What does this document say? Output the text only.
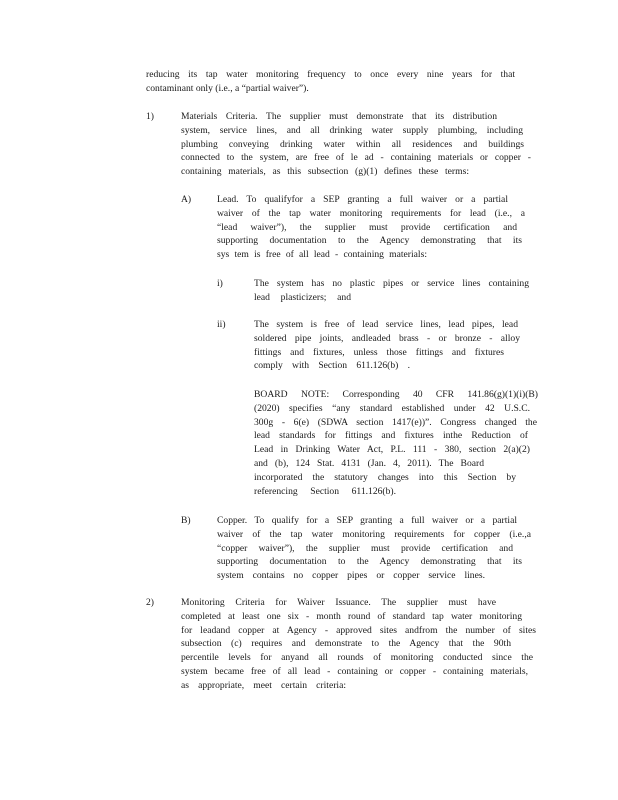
reducing its tap water monitoring frequency to once every nine years for that
contaminant only (i.e., a “partial waiver”).
1)	Materials Criteria. The supplier must demonstrate that its distribution
system, service lines, and all drinking water supply plumbing, including
plumbing conveying drinking water within all residences and buildings
connected to the system, are free of le ad - containing materials or copper -
containing materials, as this subsection (g)(1) defines these terms:
A)	Lead. To qualifyfor a SEP granting a full waiver or a partial
waiver of the tap water monitoring requirements for lead (i.e., a
“lead waiver”), the supplier must provide certification and
supporting documentation to the Agency demonstrating that its
sys tem is free of all lead - containing materials:
i)	The system has no plastic pipes or service lines containing
lead plasticizers; and
ii)	The system is free of lead service lines, lead pipes, lead
soldered pipe joints, andleaded brass - or bronze - alloy
fittings and fixtures, unless those fittings and fixtures
comply with Section 611.126(b) .
BOARD NOTE: Corresponding 40 CFR 141.86(g)(1)(i)(B)
(2020) specifies “any standard established under 42 U.S.C.
300g - 6(e) (SDWA section 1417(e))”. Congress changed the
lead standards for fittings and fixtures inthe Reduction of
Lead in Drinking Water Act, P.L. 111 - 380, section 2(a)(2)
and (b), 124 Stat. 4131 (Jan. 4, 2011). The Board
incorporated the statutory changes into this Section by
referencing Section 611.126(b).
B)	Copper. To qualify for a SEP granting a full waiver or a partial
waiver of the tap water monitoring requirements for copper (i.e.,a
“copper waiver”), the supplier must provide certification and
supporting documentation to the Agency demonstrating that its
system contains no copper pipes or copper service lines.
2)	Monitoring Criteria for Waiver Issuance. The supplier must have
completed at least one six - month round of standard tap water monitoring
for leadand copper at Agency - approved sites andfrom the number of sites
subsection (c) requires and demonstrate to the Agency that the 90th
percentile levels for anyand all rounds of monitoring conducted since the
system became free of all lead - containing or copper - containing materials,
as appropriate, meet certain criteria:
